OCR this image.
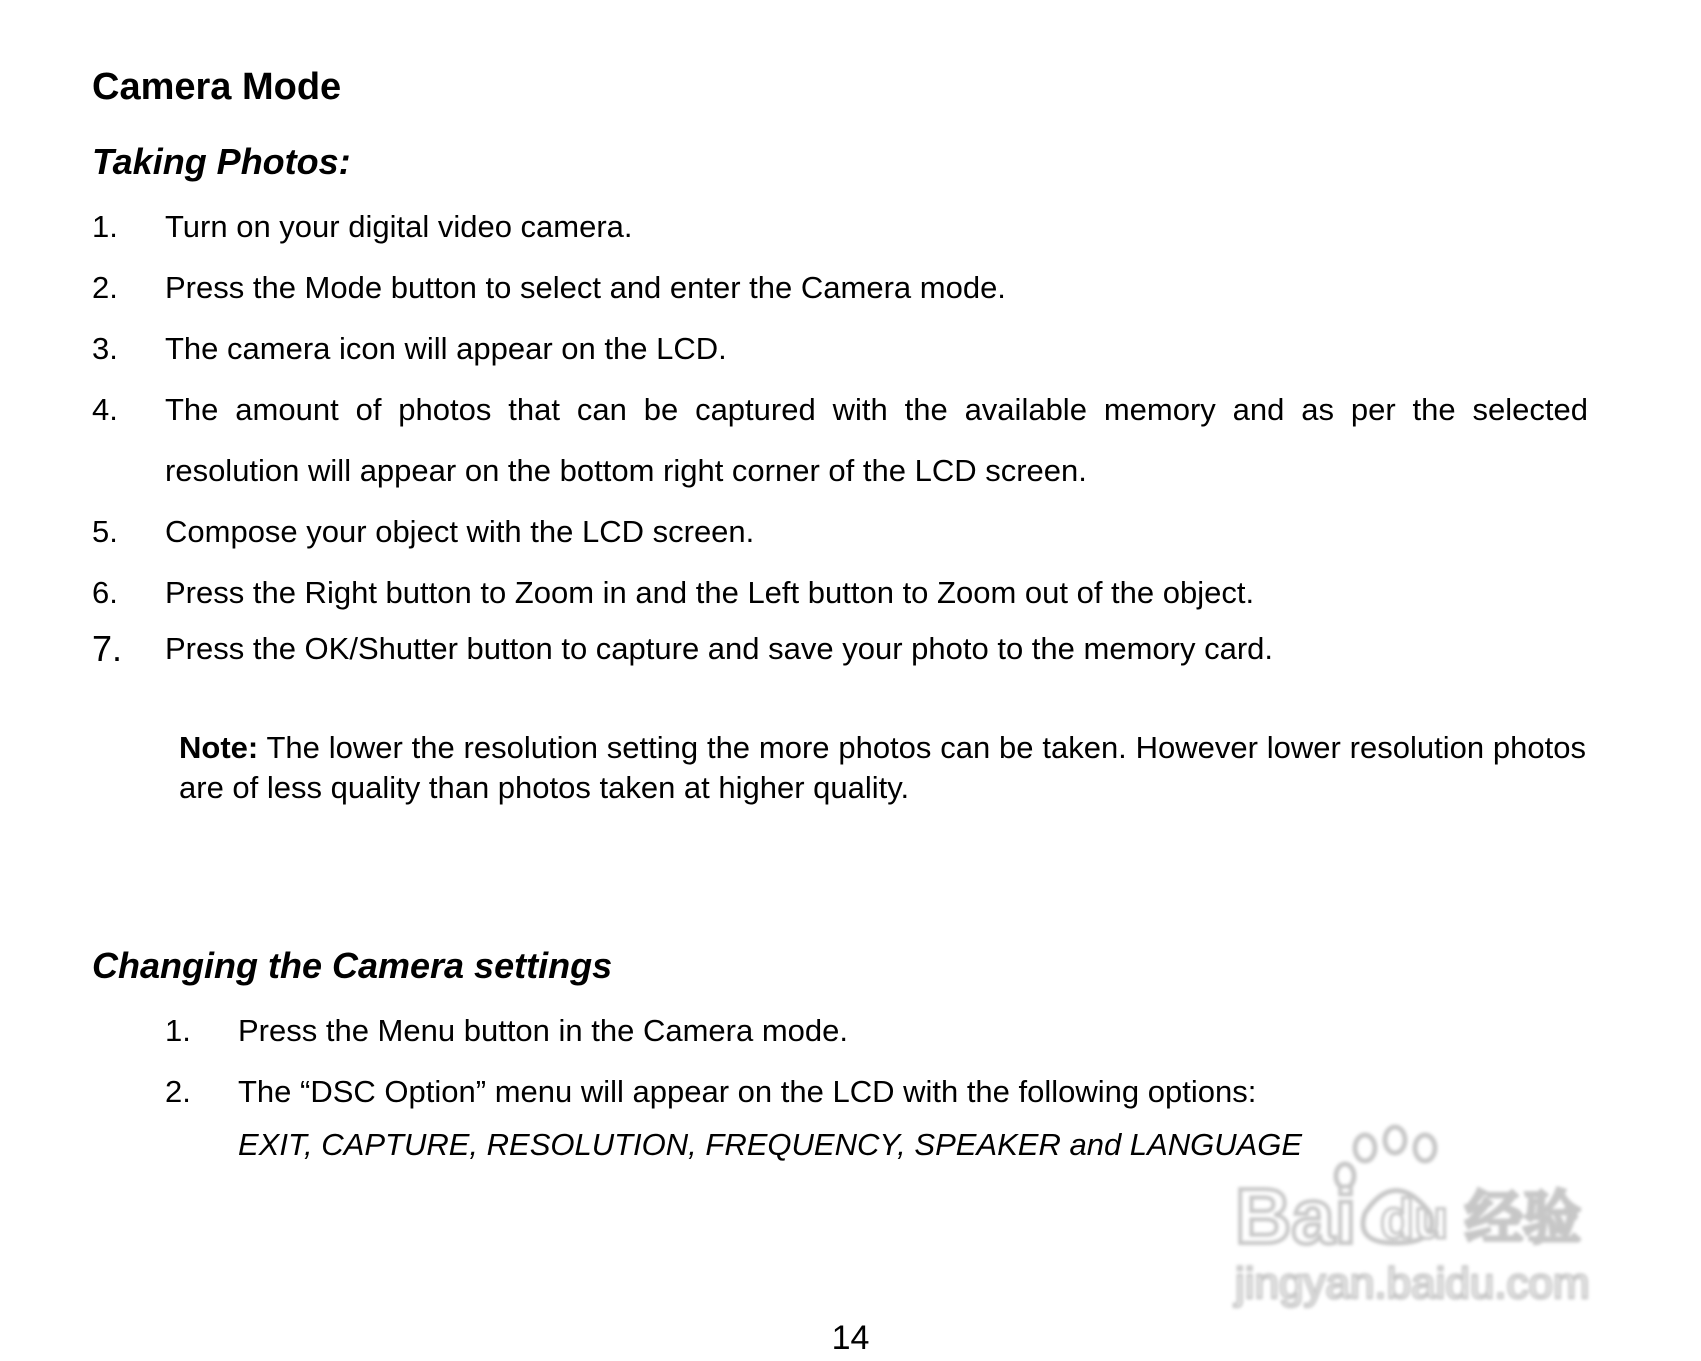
Camera Mode
Taking Photos:
1. Turn on your digital video camera.
2. Press the Mode button to select and enter the Camera mode.
3. The camera icon will appear on the LCD.
4. The amount of photos that can be captured with the available memory and as per the selected resolution will appear on the bottom right corner of the LCD screen.
5. Compose your object with the LCD screen.
6. Press the Right button to Zoom in and the Left button to Zoom out of the object.
7. Press the OK/Shutter button to capture and save your photo to the memory card.

Note: The lower the resolution setting the more photos can be taken. However lower resolution photos are of less quality than photos taken at higher quality.

Changing the Camera settings
1. Press the Menu button in the Camera mode.
2. The “DSC Option” menu will appear on the LCD with the following options:
EXIT, CAPTURE, RESOLUTION, FREQUENCY, SPEAKER and LANGUAGE
Bai du 经验
jingyan.baidu.com
14
